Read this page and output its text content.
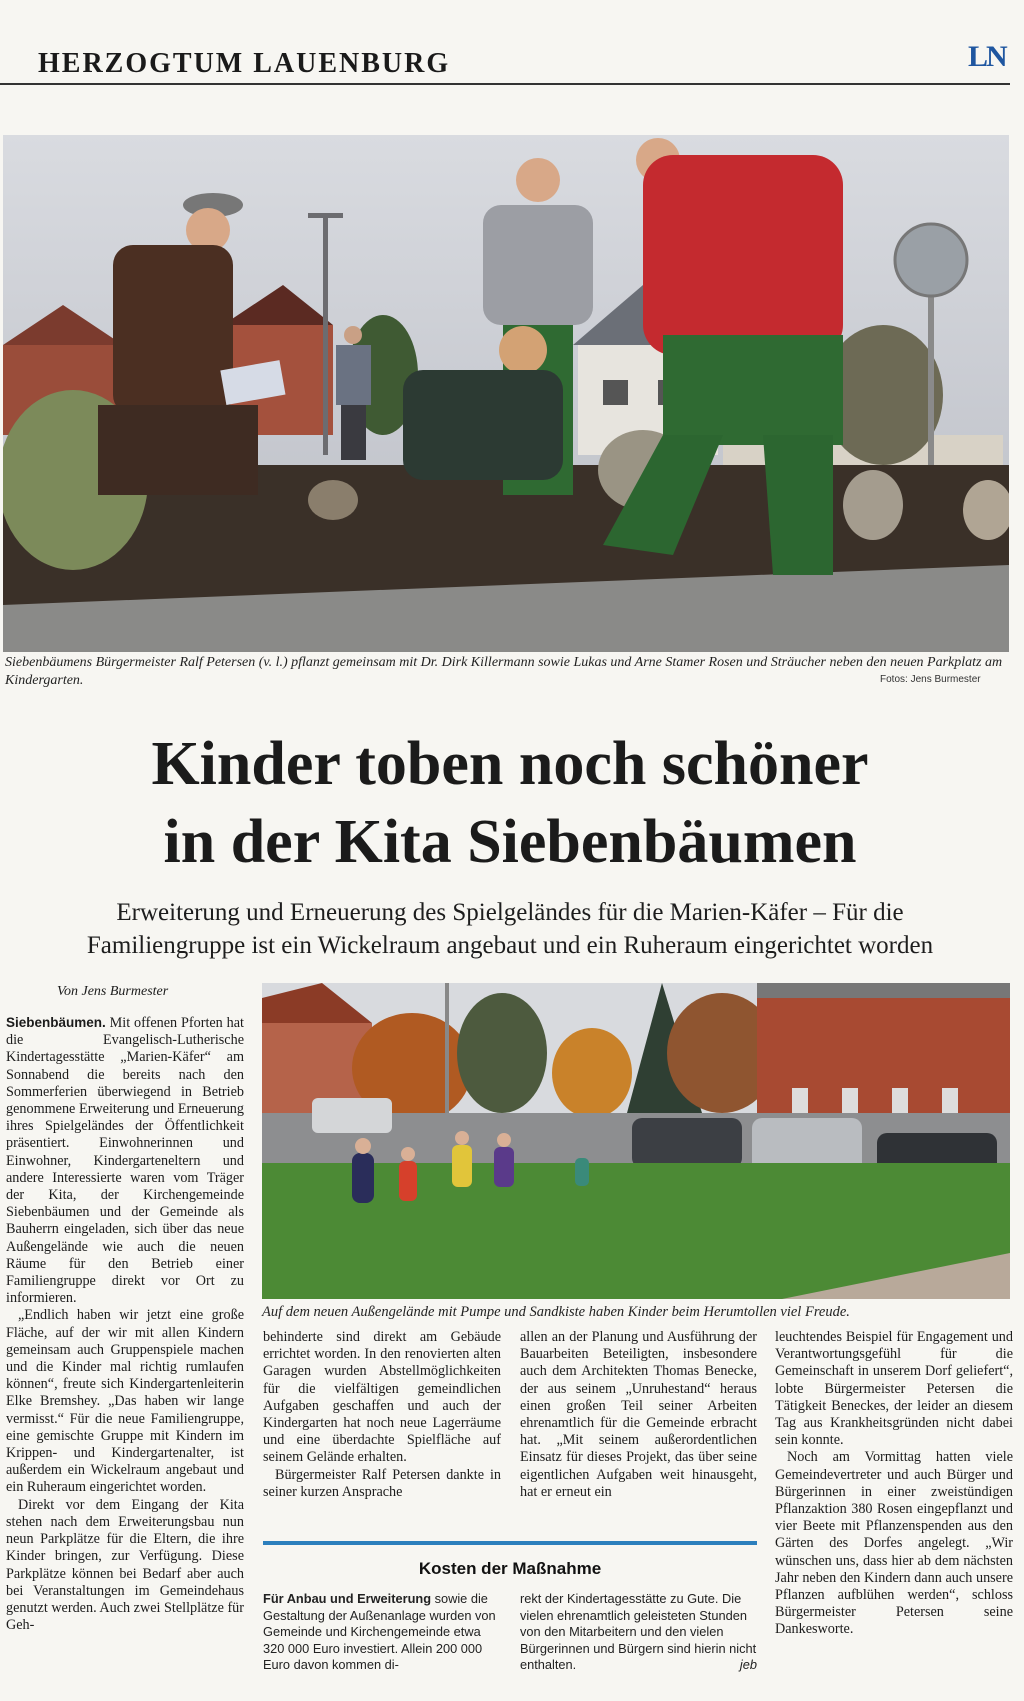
HERZOGTUM LAUENBURG	LN
Siebenbäumens Bürgermeister Ralf Petersen (v. l.) pflanzt gemeinsam mit Dr. Dirk Killermann sowie Lukas und Arne Stamer Rosen und Sträucher neben den neuen Parkplatz am Kindergarten.	Fotos: Jens Burmester
Kinder toben noch schöner
in der Kita Siebenbäumen
Erweiterung und Erneuerung des Spielgeländes für die Marien-Käfer – Für die
Familiengruppe ist ein Wickelraum angebaut und ein Ruheraum eingerichtet worden
Von Jens Burmester

Siebenbäumen. Mit offenen Pforten hat die Evangelisch-Lutherische Kindertagesstätte „Marien-Käfer“ am Sonnabend die bereits nach den Sommerferien überwiegend in Betrieb genommene Erweiterung und Erneuerung ihres Spielgeländes der Öffentlichkeit präsentiert. Einwohnerinnen und Einwohner, Kindergarteneltern und andere Interessierte waren vom Träger der Kita, der Kirchengemeinde Siebenbäumen und der Gemeinde als Bauherrn eingeladen, sich über das neue Außengelände wie auch die neuen Räume für den Betrieb einer Familiengruppe direkt vor Ort zu informieren.

„Endlich haben wir jetzt eine große Fläche, auf der wir mit allen Kindern gemeinsam auch Gruppenspiele machen und die Kinder mal richtig rumlaufen können“, freute sich Kindergartenleiterin Elke Bremshey. „Das haben wir lange vermisst.“ Für die neue Familiengruppe, eine gemischte Gruppe mit Kindern im Krippen- und Kindergartenalter, ist außerdem ein Wickelraum angebaut und ein Ruheraum eingerichtet worden.

Direkt vor dem Eingang der Kita stehen nach dem Erweiterungsbau nun neun Parkplätze für die Eltern, die ihre Kinder bringen, zur Verfügung. Diese Parkplätze können bei Bedarf aber auch bei Veranstaltungen im Gemeindehaus genutzt werden. Auch zwei Stellplätze für Geh-

Auf dem neuen Außengelände mit Pumpe und Sandkiste haben Kinder beim Herumtollen viel Freude.

behinderte sind direkt am Gebäude errichtet worden. In den renovierten alten Garagen wurden Abstellmöglichkeiten für die vielfältigen gemeindlichen Aufgaben geschaffen und auch der Kindergarten hat noch neue Lagerräume und eine überdachte Spielfläche auf seinem Gelände erhalten.

Bürgermeister Ralf Petersen dankte in seiner kurzen Ansprache

allen an der Planung und Ausführung der Bauarbeiten Beteiligten, insbesondere auch dem Architekten Thomas Benecke, der aus seinem „Unruhestand“ heraus einen großen Teil seiner Arbeiten ehrenamtlich für die Gemeinde erbracht hat. „Mit seinem außerordentlichen Einsatz für dieses Projekt, das über seine eigentlichen Aufgaben weit hinausgeht, hat er erneut ein

leuchtendes Beispiel für Engagement und Verantwortungsgefühl für die Gemeinschaft in unserem Dorf geliefert“, lobte Bürgermeister Petersen die Tätigkeit Beneckes, der leider an diesem Tag aus Krankheitsgründen nicht dabei sein konnte.

Noch am Vormittag hatten viele Gemeindevertreter und auch Bürger und Bürgerinnen in einer zweistündigen Pflanzaktion 380 Rosen eingepflanzt und vier Beete mit Pflanzenspenden aus den Gärten des Dorfes angelegt. „Wir wünschen uns, dass hier ab dem nächsten Jahr neben den Kindern dann auch unsere Pflanzen aufblühen werden“, schloss Bürgermeister Petersen seine Dankesworte.

Kosten der Maßnahme
Für Anbau und Erweiterung sowie die Gestaltung der Außenanlage wurden von Gemeinde und Kirchengemeinde etwa 320 000 Euro investiert. Allein 200 000 Euro davon kommen di-
rekt der Kindertagesstätte zu Gute. Die vielen ehrenamtlich geleisteten Stunden von den Mitarbeitern und den vielen Bürgerinnen und Bürgern sind hierin nicht enthalten.	jeb
